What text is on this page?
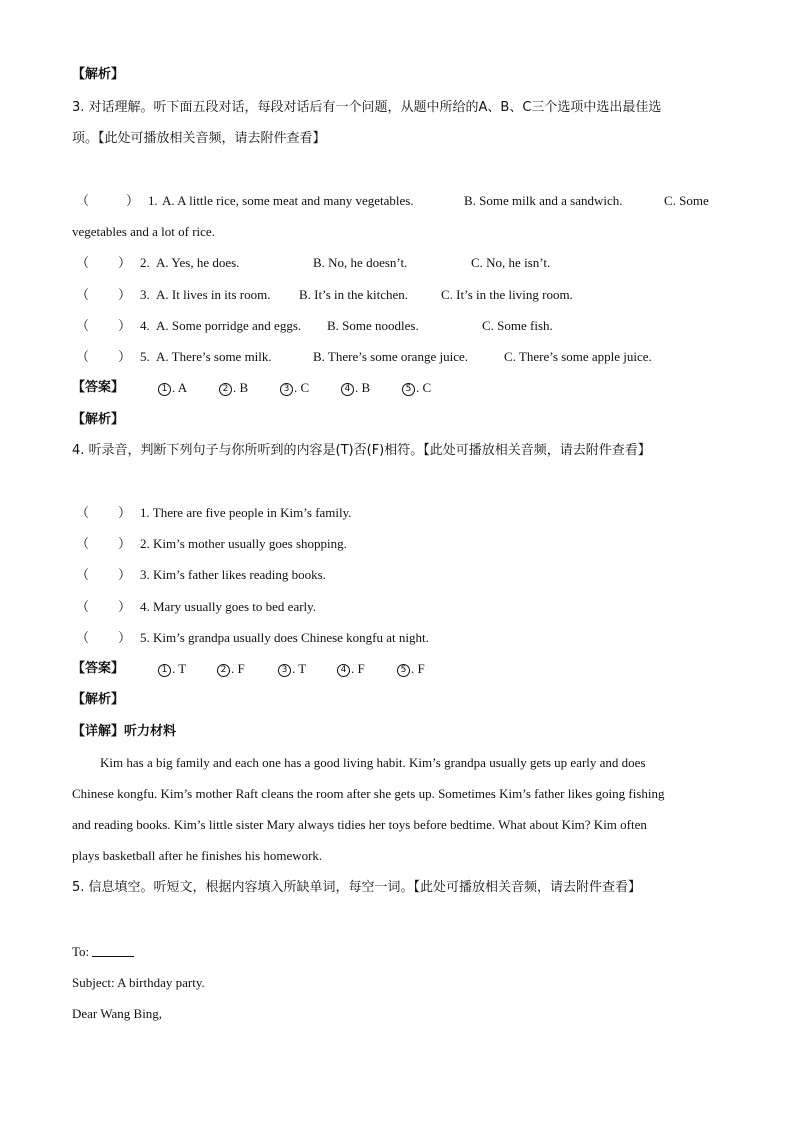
【解析】
3. 对话理解。听下面五段对话，每段对话后有一个问题，从题中所给的A、B、C三个选项中选出最佳选
项。【此处可播放相关音频，请去附件查看】
（	） 1. A. A little rice, some meat and many vegetables.	B. Some milk and a sandwich.	C. Some
vegetables and a lot of rice.
（ ） 2. A. Yes, he does.	B. No, he doesn’t.	C. No, he isn’t.
（ ） 3. A. It lives in its room. B. It’s in the kitchen.	C. It’s in the living room.
（ ） 4. A. Some porridge and eggs. B. Some noodles.	C. Some fish.
（ ） 5. A. There’s some milk.	B. There’s some orange juice.	C. There’s some apple juice.
【答案】	1 . A	2 . B	3 . C	4 . B	5 . C
【解析】
4. 听录音，判断下列句子与你所听到的内容是(T)否(F)相符。【此处可播放相关音频，请去附件查看】
（ ） 1. There are five people in Kim’s family.
（ ） 2. Kim’s mother usually goes shopping.
（ ） 3. Kim’s father likes reading books.
（ ） 4. Mary usually goes to bed early.
（ ） 5. Kim’s grandpa usually does Chinese kongfu at night.
【答案】	1 . T	2 . F	3 . T	4 . F	5 . F
【解析】
【详解】听力材料
Kim has a big family and each one has a good living habit. Kim’s grandpa usually gets up early and does
Chinese kongfu. Kim’s mother Raft cleans the room after she gets up. Sometimes Kim’s father likes going fishing
and reading books. Kim’s little sister Mary always tidies her toys before bedtime. What about Kim? Kim often
plays basketball after he finishes his homework.
5. 信息填空。听短文，根据内容填入所缺单词，每空一词。【此处可播放相关音频，请去附件查看】
To:
Subject: A birthday party.
Dear Wang Bing,
